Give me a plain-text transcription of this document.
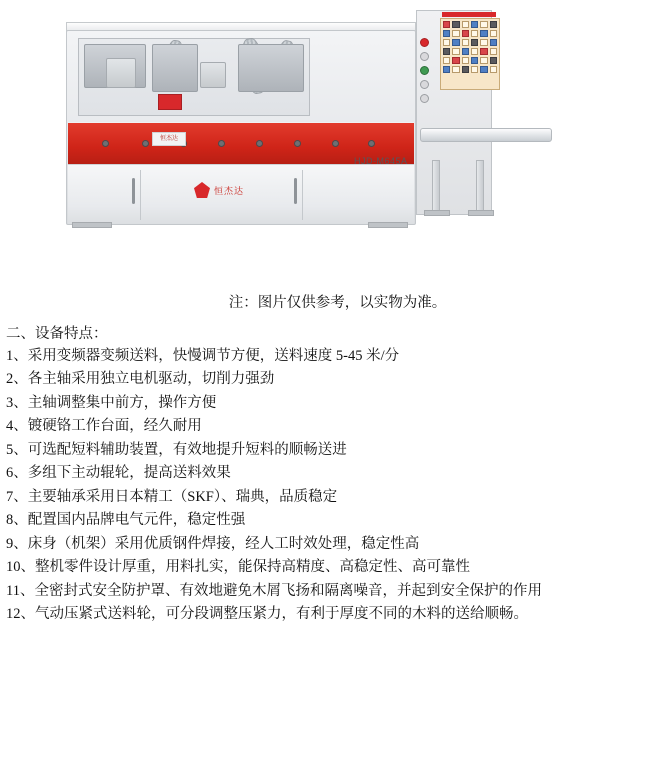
恒杰达
恒杰达
HJD-M645A
注：图片仅供参考，以实物为准。
二、设备特点：

1、采用变频器变频送料，快慢调节方便，送料速度 5-45 米/分

2、各主轴采用独立电机驱动，切削力强劲

3、主轴调整集中前方，操作方便

4、镀硬铬工作台面，经久耐用

5、可选配短料辅助装置，有效地提升短料的顺畅送进

6、多组下主动辊轮，提高送料效果

7、主要轴承采用日本精工（SKF）、瑞典，品质稳定

8、配置国内品牌电气元件，稳定性强

9、床身（机架）采用优质钢件焊接，经人工时效处理，稳定性高

10、整机零件设计厚重，用料扎实，能保持高精度、高稳定性、高可靠性

11、全密封式安全防护罩、有效地避免木屑飞扬和隔离噪音，并起到安全保护的作用

12、气动压紧式送料轮，可分段调整压紧力，有利于厚度不同的木料的送给顺畅。
